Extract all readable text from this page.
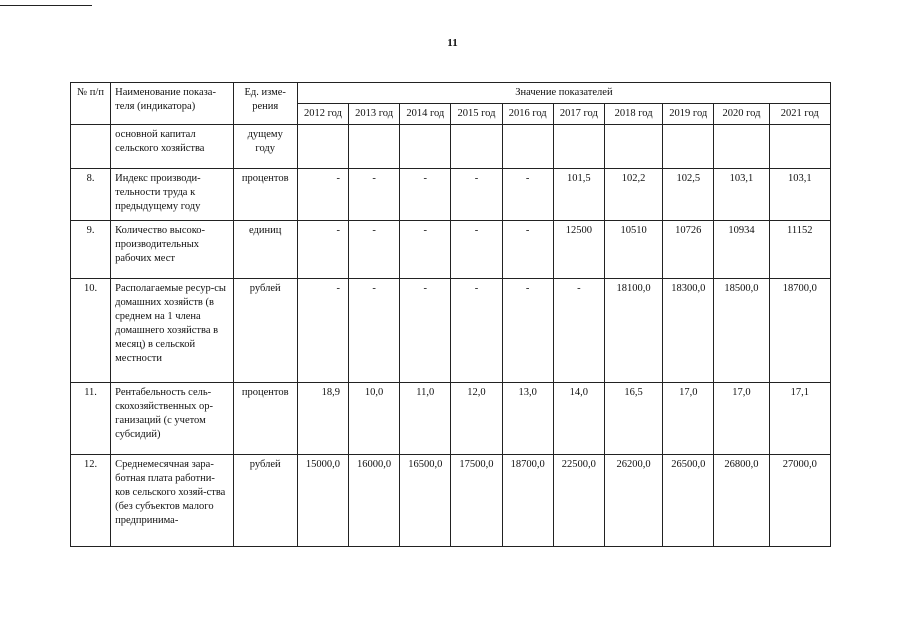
11
№ п/п	Наименование показа-теля (индикатора)	Ед. изме-рения	Значение показателей									
			2012 год	2013 год	2014 год	2015 год	2016 год	2017 год	2018 год	2019 год	2020 год	2021 год
	основной капитал сельского хозяйства	дущему году										
8.	Индекс производи-тельности труда к предыдущему году	процентов	-	-	-	-	-	101,5	102,2	102,5	103,1	103,1
9.	Количество высоко-производительных рабочих мест	единиц	-	-	-	-	-	12500	10510	10726	10934	11152
10.	Располагаемые ресур-сы домашних хозяйств (в среднем на 1 члена домашнего хозяйства в месяц) в сельской местности	рублей	-	-	-	-	-	-	18100,0	18300,0	18500,0	18700,0
11.	Рентабельность сель-скохозяйственных ор-ганизаций (с учетом субсидий)	процентов	18,9	10,0	11,0	12,0	13,0	14,0	16,5	17,0	17,0	17,1
12.	Среднемесячная зара-ботная плата работни-ков сельского хозяй-ства (без субъектов малого предпринима-	рублей	15000,0	16000,0	16500,0	17500,0	18700,0	22500,0	26200,0	26500,0	26800,0	27000,0
